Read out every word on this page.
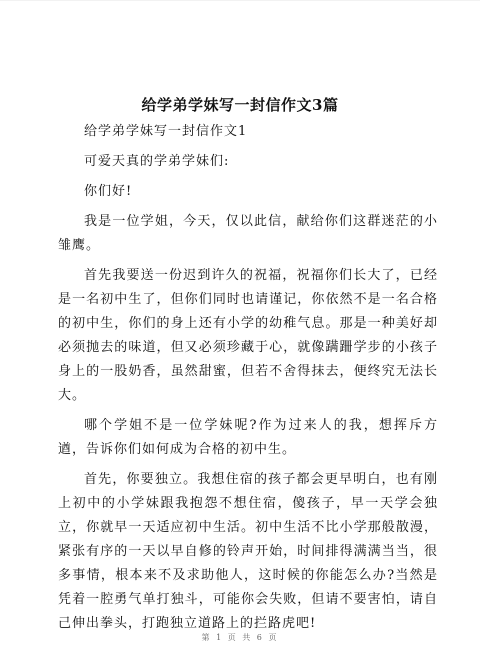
给学弟学妹写一封信作文3篇

给学弟学妹写一封信作文1

可爱天真的学弟学妹们:

你们好!

我是一位学姐，今天，仅以此信，献给你们这群迷茫的小雏鹰。

首先我要送一份迟到许久的祝福，祝福你们长大了，已经是一名初中生了，但你们同时也请谨记，你依然不是一名合格的初中生，你们的身上还有小学的幼稚气息。那是一种美好却必须抛去的味道，但又必须珍藏于心，就像蹒跚学步的小孩子身上的一股奶香，虽然甜蜜，但若不舍得抹去，便终究无法长大。

哪个学姐不是一位学妹呢?作为过来人的我，想挥斥方遒，告诉你们如何成为合格的初中生。

首先，你要独立。我想住宿的孩子都会更早明白，也有刚上初中的小学妹跟我抱怨不想住宿，傻孩子，早一天学会独立，你就早一天适应初中生活。初中生活不比小学那般散漫，紧张有序的一天以早自修的铃声开始，时间排得满满当当，很多事情，根本来不及求助他人，这时候的你能怎么办?当然是凭着一腔勇气单打独斗，可能你会失败，但请不要害怕，请自己伸出拳头，打跑独立道路上的拦路虎吧!

第 1 页 共 6 页
